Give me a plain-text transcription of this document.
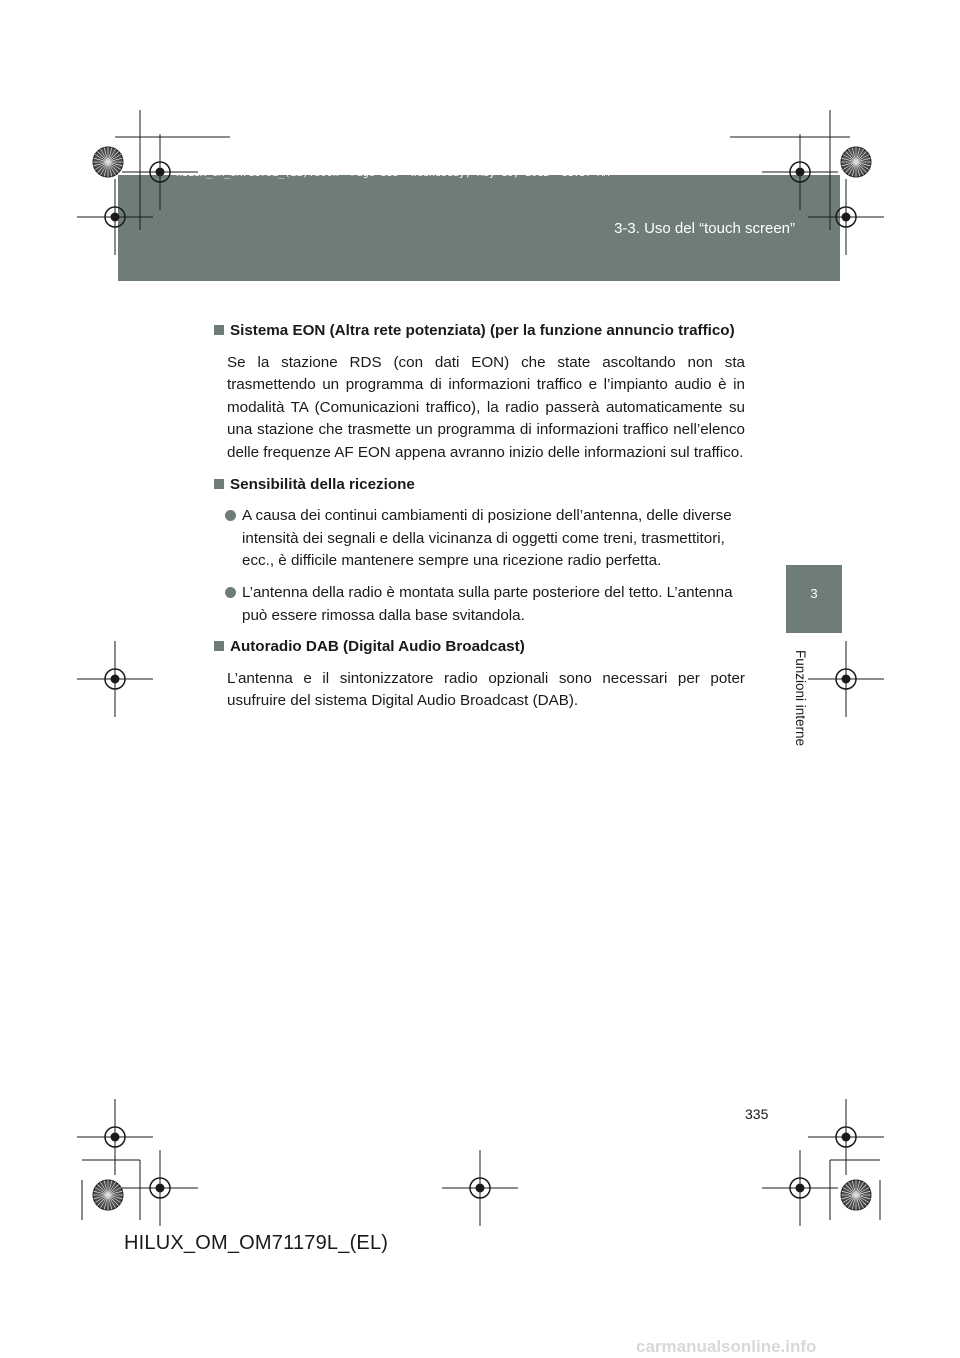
HILUX_OM_OM71179L_(EL).book  Page 335  Wednesday, May 16, 2012  11:37 AM
3-3. Uso del “touch screen”
3
Funzioni interne
Sistema EON (Altra rete potenziata) (per la funzione annuncio traffico)
Se la stazione RDS (con dati EON) che state ascoltando non sta trasmettendo un programma di informazioni traffico e l’impianto audio è in modalità TA (Comunicazioni traffico), la radio passerà automaticamente su una stazione che trasmette un programma di informazioni traffico nell’elenco delle frequenze AF EON appena avranno inizio delle informazioni sul traffico.
Sensibilità della ricezione
A causa dei continui cambiamenti di posizione dell’antenna, delle diverse intensità dei segnali e della vicinanza di oggetti come treni, trasmettitori, ecc., è difficile mantenere sempre una ricezione radio perfetta.
L’antenna della radio è montata sulla parte posteriore del tetto. L’antenna può essere rimossa dalla base svitandola.
Autoradio DAB (Digital Audio Broadcast)
L’antenna e il sintonizzatore radio opzionali sono necessari per poter usufruire del sistema Digital Audio Broadcast (DAB).
335
HILUX_OM_OM71179L_(EL)
carmanualsonline.info
